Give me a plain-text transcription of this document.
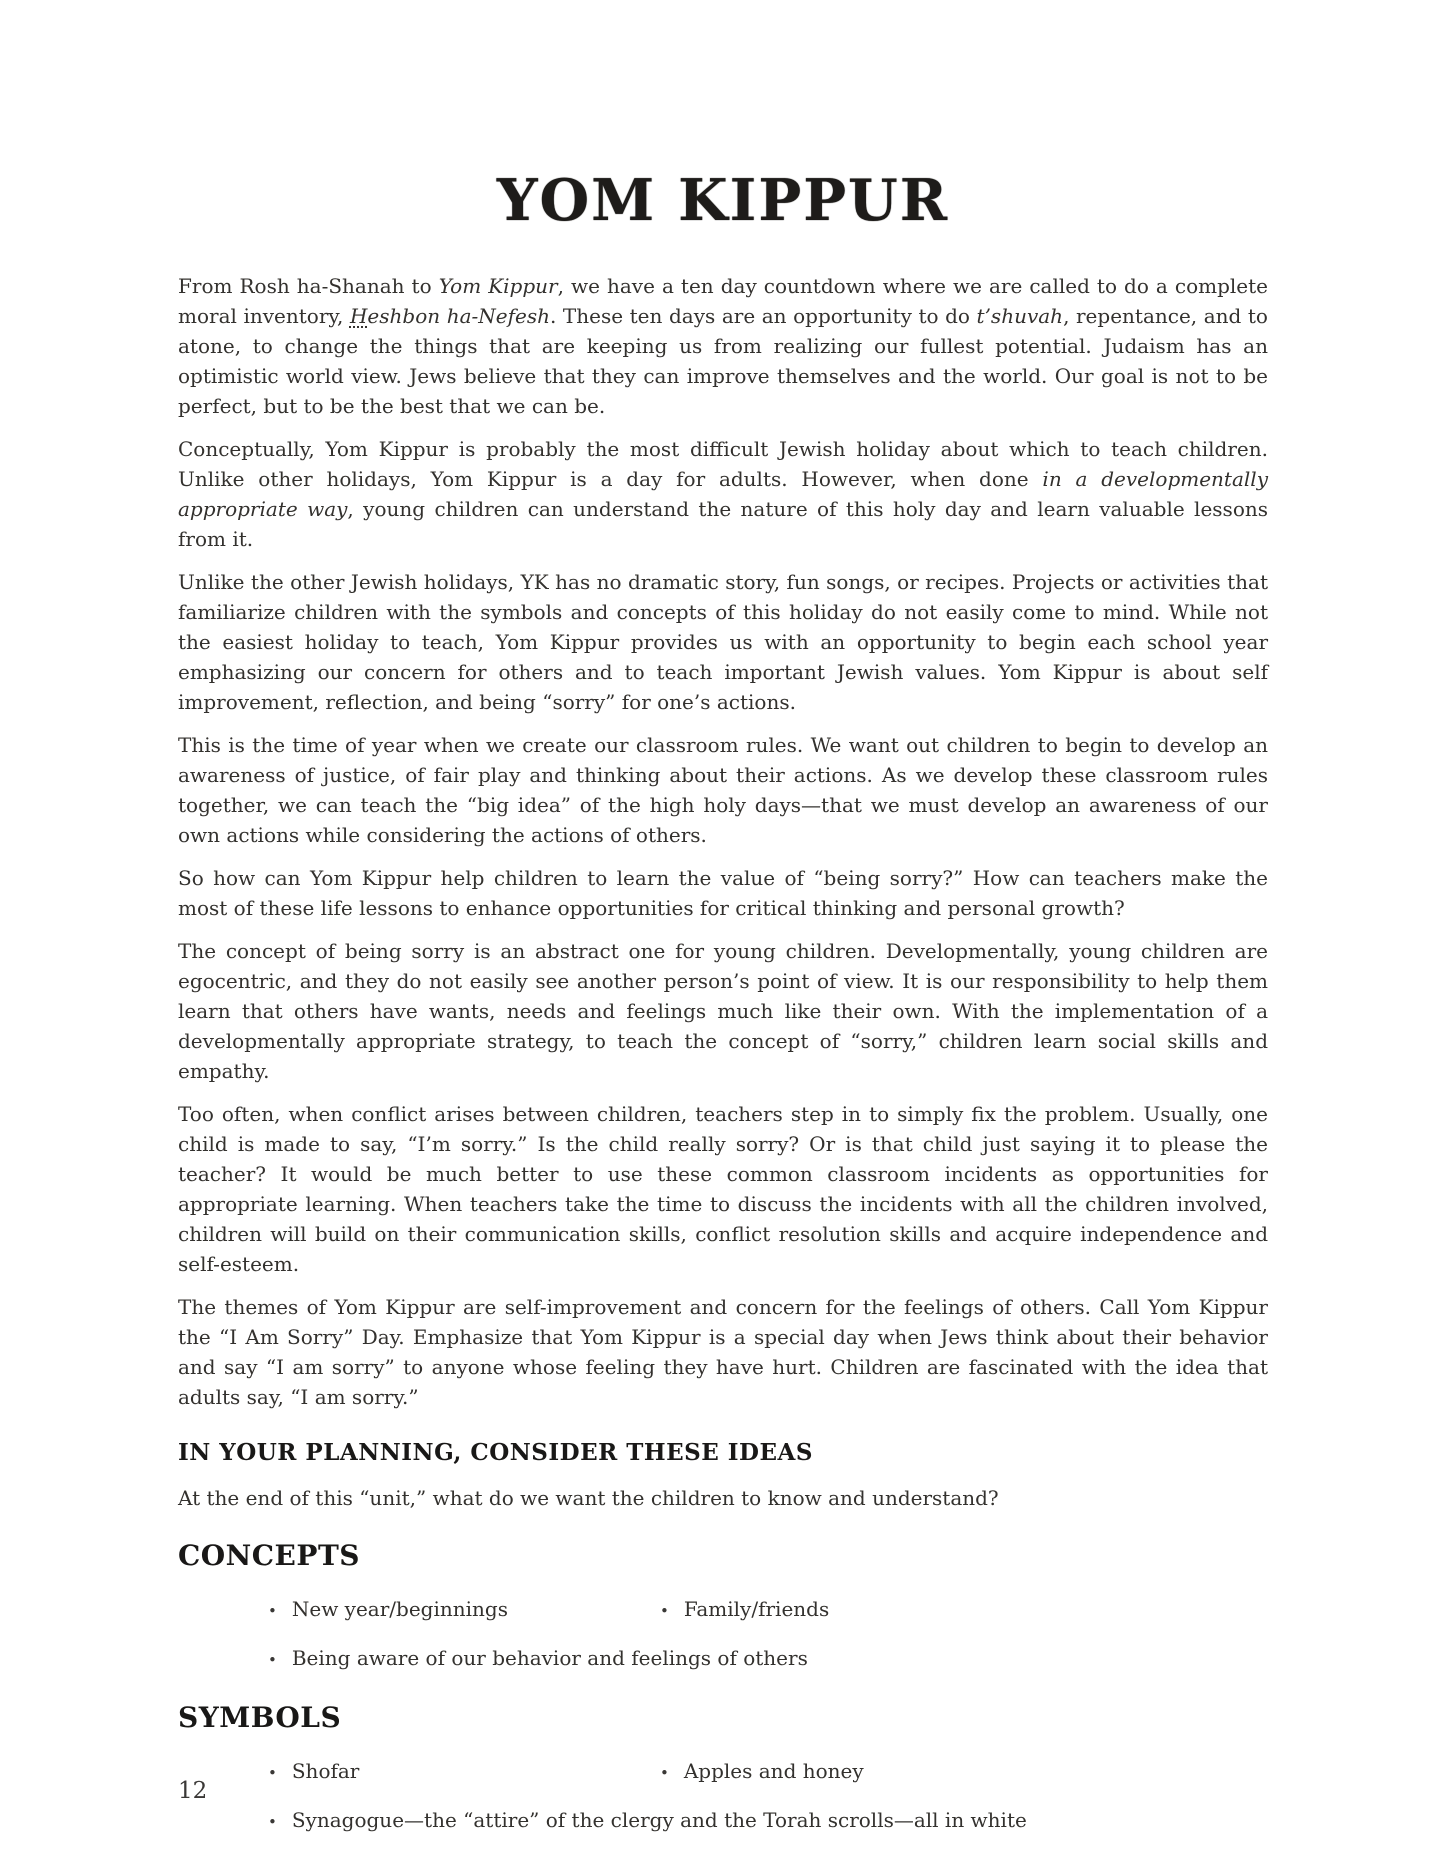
YOM KIPPUR

From Rosh ha-Shanah to Yom Kippur, we have a ten day countdown where we are called to do a complete moral inventory, Heshbon ha-Nefesh. These ten days are an opportunity to do t’shuvah, repentance, and to atone, to change the things that are keeping us from realizing our fullest potential. Judaism has an optimistic world view. Jews believe that they can improve themselves and the world. Our goal is not to be perfect, but to be the best that we can be.

Conceptually, Yom Kippur is probably the most difficult Jewish holiday about which to teach children. Unlike other holidays, Yom Kippur is a day for adults. However, when done in a developmentally appropriate way, young children can understand the nature of this holy day and learn valuable lessons from it.

Unlike the other Jewish holidays, YK has no dramatic story, fun songs, or recipes. Projects or activities that familiarize children with the symbols and concepts of this holiday do not easily come to mind. While not the easiest holiday to teach, Yom Kippur provides us with an opportunity to begin each school year emphasizing our concern for others and to teach important Jewish values. Yom Kippur is about self improvement, reflection, and being “sorry” for one’s actions.

This is the time of year when we create our classroom rules. We want out children to begin to develop an awareness of justice, of fair play and thinking about their actions. As we develop these classroom rules together, we can teach the “big idea” of the high holy days—that we must develop an awareness of our own actions while considering the actions of others.

So how can Yom Kippur help children to learn the value of “being sorry?” How can teachers make the most of these life lessons to enhance opportunities for critical thinking and personal growth?

The concept of being sorry is an abstract one for young children. Developmentally, young children are egocentric, and they do not easily see another person’s point of view. It is our responsibility to help them learn that others have wants, needs and feelings much like their own. With the implementation of a developmentally appropriate strategy, to teach the concept of “sorry,” children learn social skills and empathy.

Too often, when conflict arises between children, teachers step in to simply fix the problem. Usually, one child is made to say, “I’m sorry.” Is the child really sorry? Or is that child just saying it to please the teacher? It would be much better to use these common classroom incidents as opportunities for appropriate learning. When teachers take the time to discuss the incidents with all the children involved, children will build on their communication skills, conflict resolution skills and acquire independence and self-esteem.

The themes of Yom Kippur are self-improvement and concern for the feelings of others. Call Yom Kippur the “I Am Sorry” Day. Emphasize that Yom Kippur is a special day when Jews think about their behavior and say “I am sorry” to anyone whose feeling they have hurt. Children are fascinated with the idea that adults say, “I am sorry.”

IN YOUR PLANNING, CONSIDER THESE IDEAS

At the end of this “unit,” what do we want the children to know and understand?

CONCEPTS
• New year/beginnings	• Family/friends
• Being aware of our behavior and feelings of others
SYMBOLS
• Shofar	• Apples and honey
• Synagogue—the “attire” of the clergy and the Torah scrolls—all in white
12
